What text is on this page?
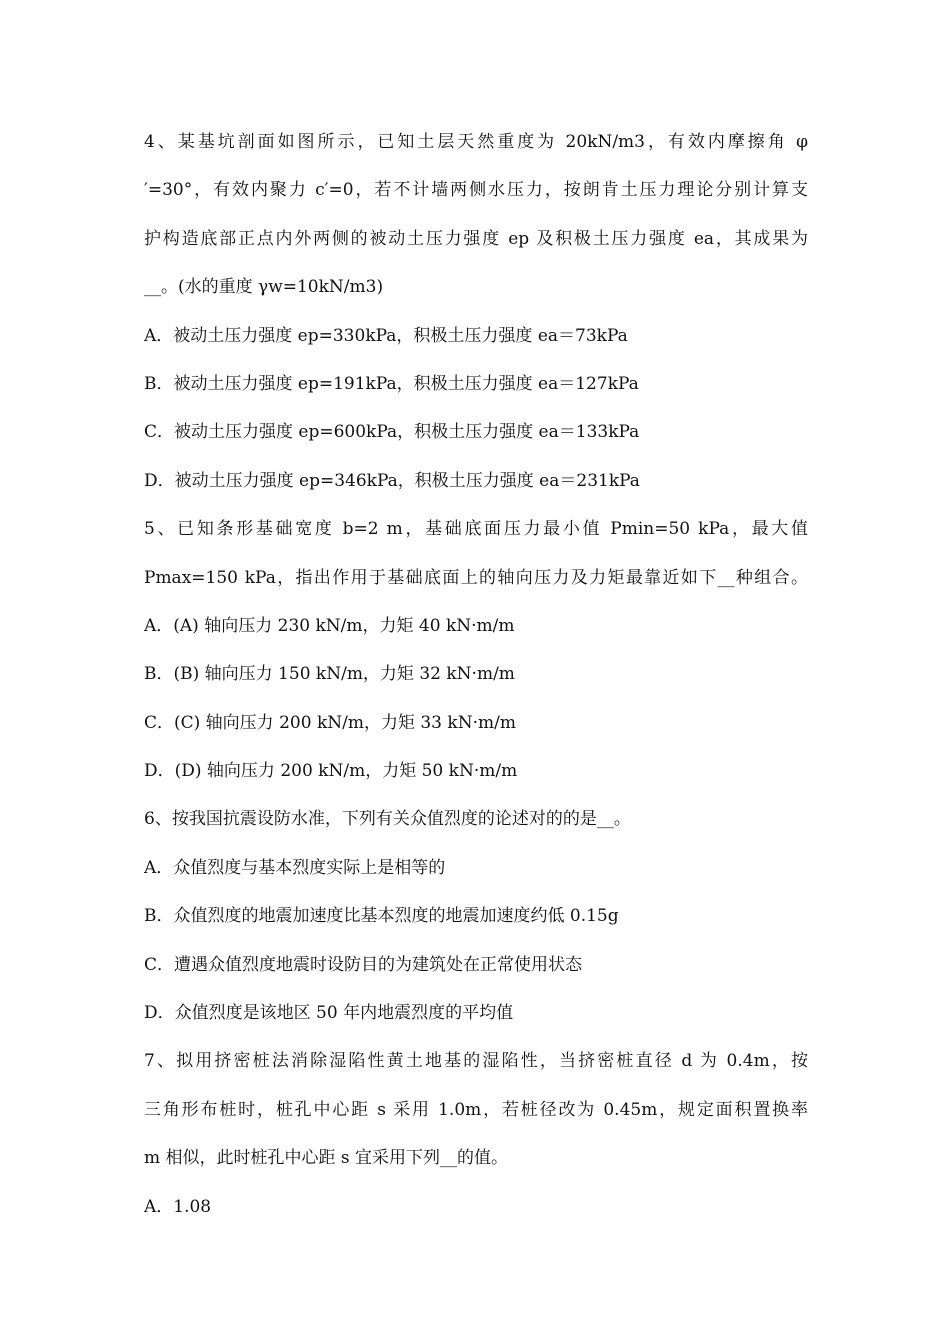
4、某基坑剖面如图所示，已知土层天然重度为 20kN/m3，有效内摩擦角 φ
′=30°，有效内聚力 c′=0，若不计墙两侧水压力，按朗肯土压力理论分别计算支
护构造底部正点内外两侧的被动土压力强度 ep 及积极土压力强度 ea，其成果为
__。(水的重度 γw=10kN/m3)
A．被动土压力强度 ep=330kPa，积极土压力强度 ea＝73kPa
B．被动土压力强度 ep=191kPa，积极土压力强度 ea＝127kPa
C．被动土压力强度 ep=600kPa，积极土压力强度 ea＝133kPa
D．被动土压力强度 ep=346kPa，积极土压力强度 ea＝231kPa
5、已知条形基础宽度 b=2 m，基础底面压力最小值 Pmin=50 kPa，最大值
Pmax=150 kPa，指出作用于基础底面上的轴向压力及力矩最靠近如下__种组合。
A．(A) 轴向压力 230 kN/m，力矩 40 kN·m/m
B．(B) 轴向压力 150 kN/m，力矩 32 kN·m/m
C．(C) 轴向压力 200 kN/m，力矩 33 kN·m/m
D．(D) 轴向压力 200 kN/m，力矩 50 kN·m/m
6、按我国抗震设防水准，下列有关众值烈度的论述对的的是__。
A．众值烈度与基本烈度实际上是相等的
B．众值烈度的地震加速度比基本烈度的地震加速度约低 0.15g
C．遭遇众值烈度地震时设防目的为建筑处在正常使用状态
D．众值烈度是该地区 50 年内地震烈度的平均值
7、拟用挤密桩法消除湿陷性黄土地基的湿陷性，当挤密桩直径 d 为 0.4m，按
三角形布桩时，桩孔中心距 s 采用 1.0m，若桩径改为 0.45m，规定面积置换率
m 相似，此时桩孔中心距 s 宜采用下列__的值。
A．1.08
